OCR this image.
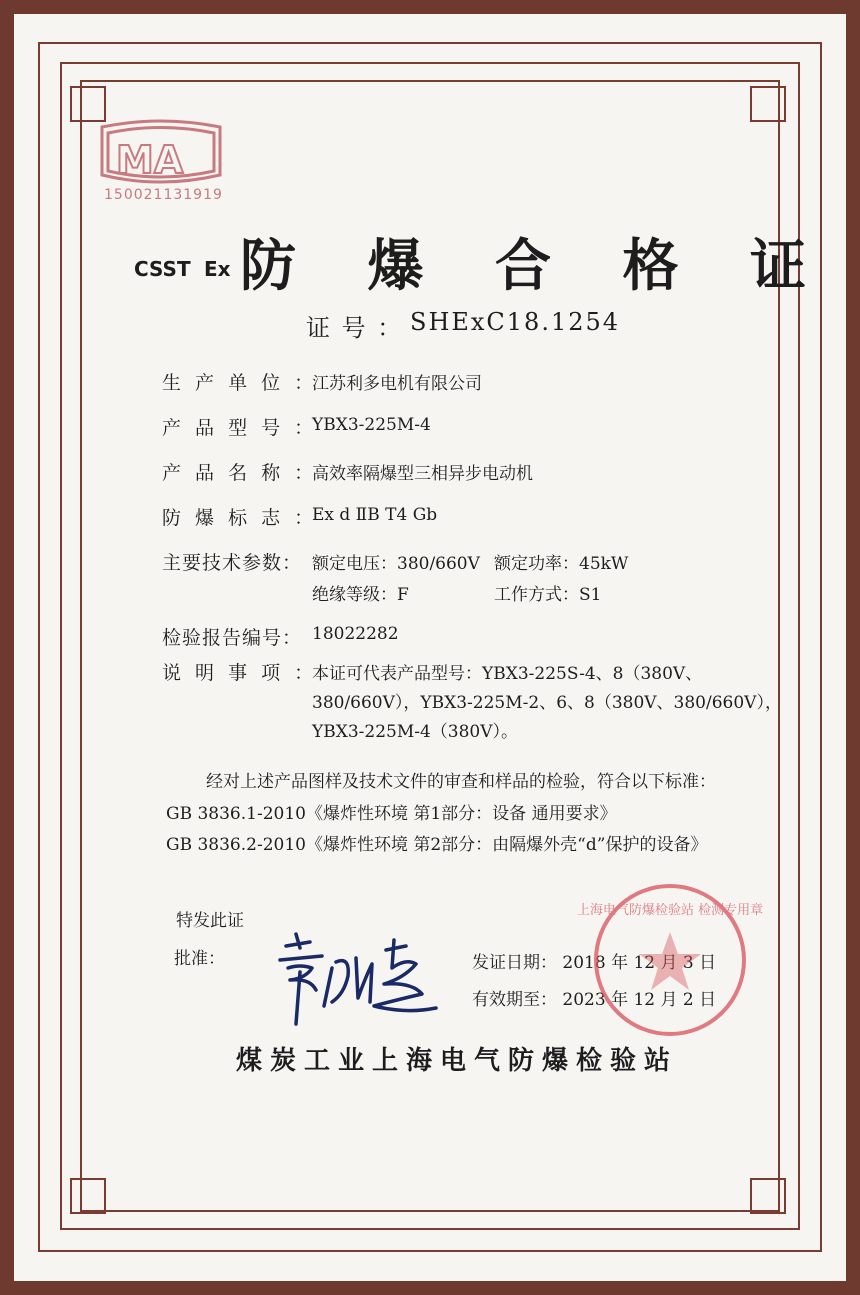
MA
150021131919
CSST Ex 防 爆 合 格 证
证 号 ： SHExC18.1254
生 产 单 位 ：
江苏利多电机有限公司
产 品 型 号 ：
YBX3-225M-4
产 品 名 称 ：
高效率隔爆型三相异步电动机
防 爆 标 志 ：
Ex d ⅡB T4 Gb
主要技术参数： 额定电压：380/660V 额定功率：45kW
绝缘等级：F	工作方式：S1
检验报告编号： 18022282
说 明 事 项 ：
本证可代表产品型号：YBX3-225S-4、8（380V、
380/660V），YBX3-225M-2、6、8（380V、380/660V），
YBX3-225M-4（380V）。
经对上述产品图样及技术文件的审查和样品的检验，符合以下标准：
GB 3836.1-2010《爆炸性环境 第1部分：设备 通用要求》
GB 3836.2-2010《爆炸性环境 第2部分：由隔爆外壳“d”保护的设备》
特发此证
批准：	发证日期： 2018 年 12 月 3 日
有效期至： 2023 年 12 月 2 日
上海电气防爆检验站 检测专用章
煤炭工业上海电气防爆检验站
